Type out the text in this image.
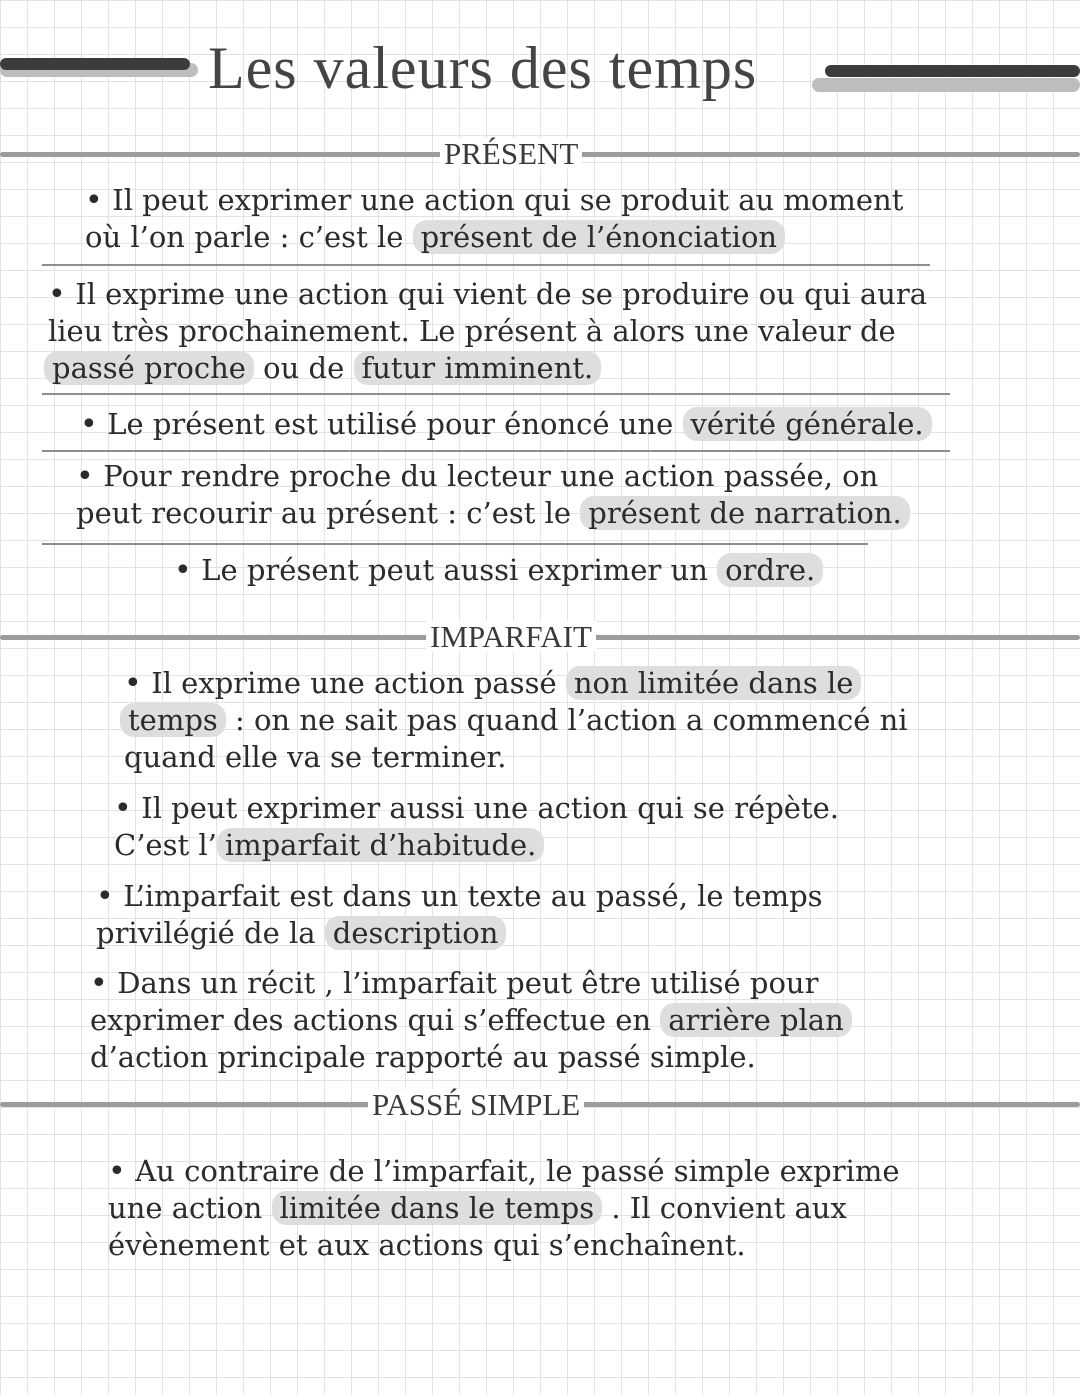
Les valeurs des temps
PRÉSENT
• Il peut exprimer une action qui se produit au moment
où l’on parle : c’est le présent de l’énonciation
• Il exprime une action qui vient de se produire ou qui aura
lieu très prochainement. Le présent à alors une valeur de
passé proche ou de futur imminent.
• Le présent est utilisé pour énoncé une vérité générale.
• Pour rendre proche du lecteur une action passée, on
peut recourir au présent : c’est le présent de narration.
• Le présent peut aussi exprimer un ordre.
IMPARFAIT
• Il exprime une action passé non limitée dans le
temps : on ne sait pas quand l’action a commencé ni
quand elle va se terminer.
• Il peut exprimer aussi une action qui se répète.
C’est l’ imparfait d’habitude.
• L’imparfait est dans un texte au passé, le temps
privilégié de la description
• Dans un récit , l’imparfait peut être utilisé pour
exprimer des actions qui s’effectue en arrière plan
d’action principale rapporté au passé simple.
PASSÉ SIMPLE
• Au contraire de l’imparfait, le passé simple exprime
une action limitée dans le temps . Il convient aux
évènement et aux actions qui s’enchaînent.
